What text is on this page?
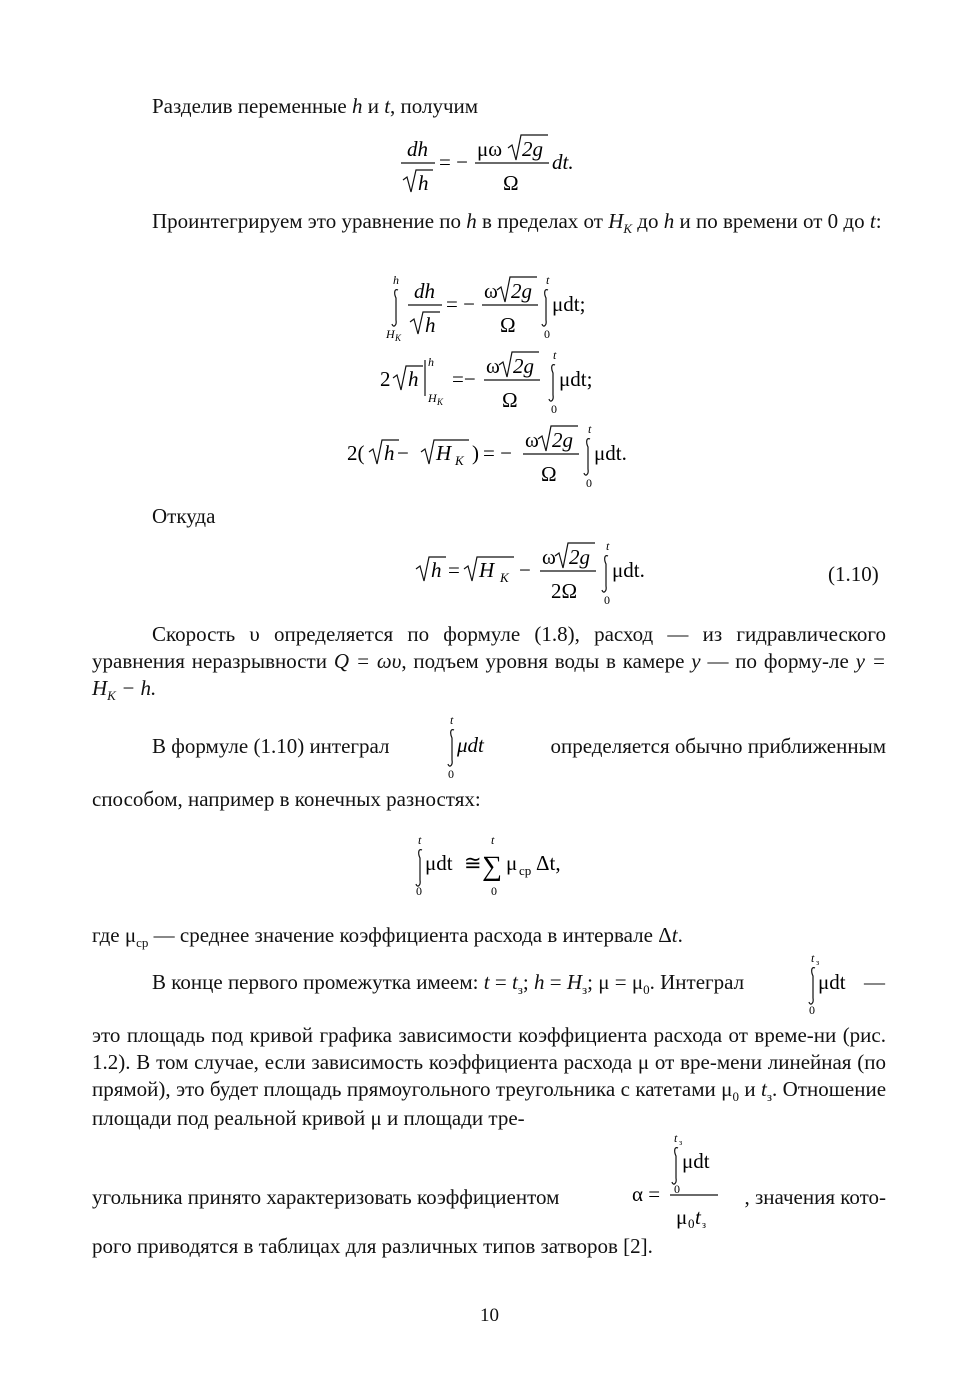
Разделив переменные h и t, получим

dh
h
= −
μω 2g
Ω
dt.

Проинтегрируем это уравнение по h в пределах от $H_K$ до h и по времени от 0 до t:

h
H K
dh
h
= −
ω 2g
Ω
t
0
μdt;
2 h
h
H K
=−
ω 2g
Ω
t
0
μdt;
2( h − H K ) = −
ω 2g
Ω
t
0
μdt.

Откуда

h = H K −
ω 2g
2Ω
t
0
μdt.	(1.10)

Скорость υ определяется по формуле (1.8), расход — из гидравлического уравнения неразрывности Q = ωυ, подъем уровня воды в камере y — по форму-ле $y = H_K - h$.

В формуле (1.10) интеграл
t
0
μdt	определяется обычно приближенным

способом, например в конечных разностях:

t
0
μdt ≅
t
∑
0
μ ср Δt,

где $\mu_{ср}$ — среднее значение коэффициента расхода в интервале Δt.

В конце первого промежутка имеем: $t = t_з$; $h = H_з$; $\mu = \mu_0$. Интеграл
t з
0
μdt —

это площадь под кривой графика зависимости коэффициента расхода от време-ни (рис. 1.2). В том случае, если зависимость коэффициента расхода μ от вре-мени линейная (по прямой), это будет площадь прямоугольного треугольника с катетами $\mu_0$ и $t_з$. Отношение площади под реальной кривой μ и площади тре-

угольника принято характеризовать коэффициентом	α =
t з
0
μdt
μ 0 t з
, значения кото-

рого приводятся в таблицах для различных типов затворов [2].

10
